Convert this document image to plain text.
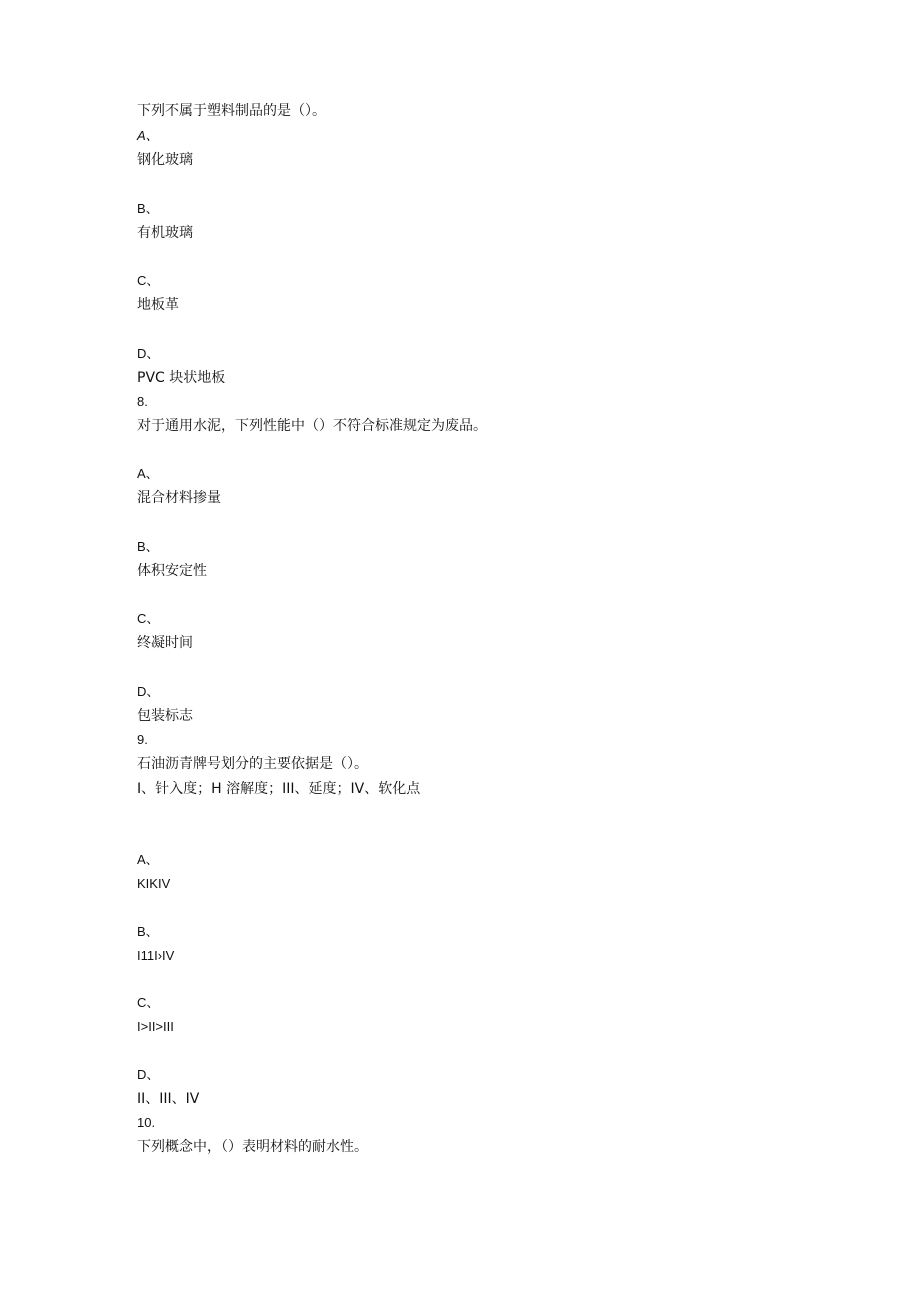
下列不属于塑料制品的是（）。
A、
钢化玻璃
B、
有机玻璃
C、
地板革
D、
PVC 块状地板
8.
对于通用水泥，下列性能中（）不符合标准规定为废品。
A、
混合材料掺量
B、
体积安定性
C、
终凝时间
D、
包装标志
9.
石油沥青牌号划分的主要依据是（）。
I、针入度；H 溶解度；III、延度；IV、软化点
A、
KIKIV
B、
I11I›IV
C、
I>II>III
D、
II、III、IV
10.
下列概念中，（）表明材料的耐水性。
